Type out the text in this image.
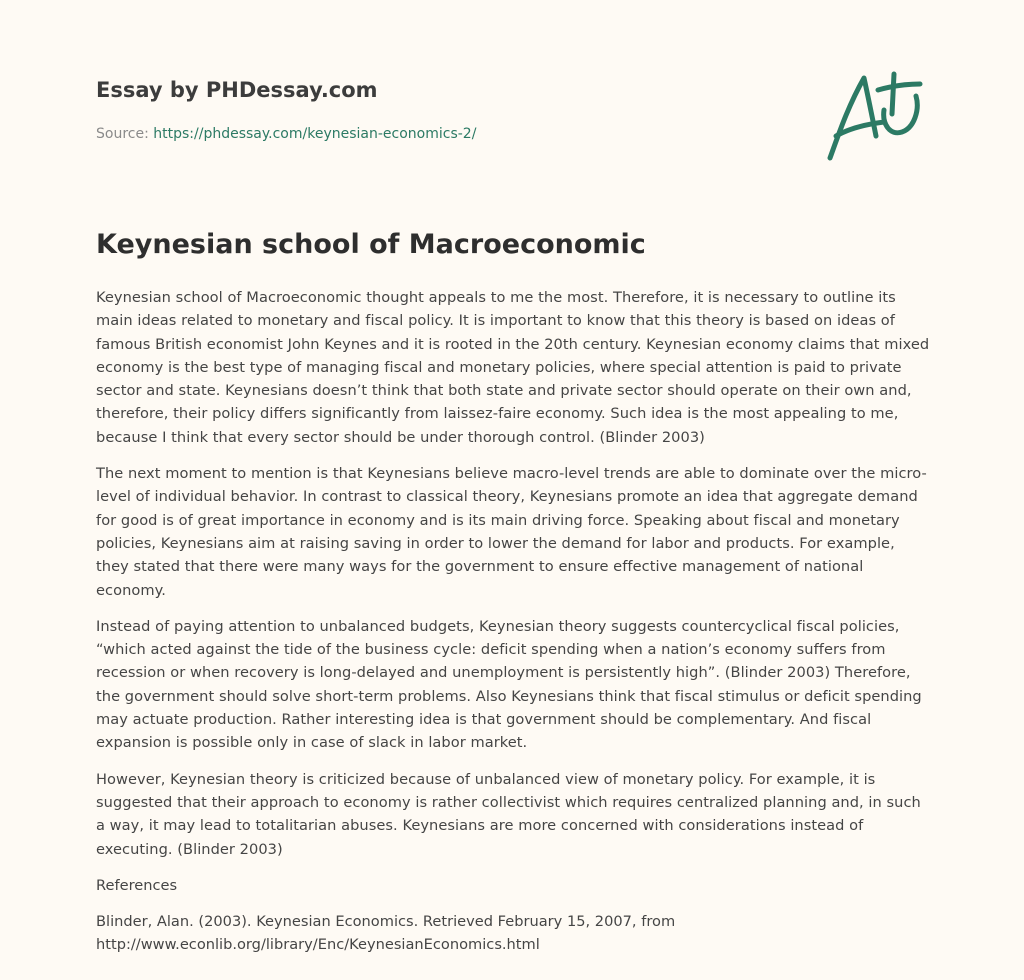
Essay by PHDessay.com
Source: https://phdessay.com/keynesian-economics-2/
Keynesian school of Macroeconomic

Keynesian school of Macroeconomic thought appeals to me the most. Therefore, it is necessary to outline its main ideas related to monetary and fiscal policy. It is important to know that this theory is based on ideas of famous British economist John Keynes and it is rooted in the 20th century. Keynesian economy claims that mixed economy is the best type of managing fiscal and monetary policies, where special attention is paid to private sector and state. Keynesians doesn’t think that both state and private sector should operate on their own and, therefore, their policy differs significantly from laissez-faire economy. Such idea is the most appealing to me, because I think that every sector should be under thorough control. (Blinder 2003)

The next moment to mention is that Keynesians believe macro-level trends are able to dominate over the micro-level of individual behavior. In contrast to classical theory, Keynesians promote an idea that aggregate demand for good is of great importance in economy and is its main driving force. Speaking about fiscal and monetary policies, Keynesians aim at raising saving in order to lower the demand for labor and products. For example, they stated that there were many ways for the government to ensure effective management of national economy.

Instead of paying attention to unbalanced budgets, Keynesian theory suggests countercyclical fiscal policies, “which acted against the tide of the business cycle: deficit spending when a nation’s economy suffers from recession or when recovery is long-delayed and unemployment is persistently high”. (Blinder 2003) Therefore, the government should solve short-term problems. Also Keynesians think that fiscal stimulus or deficit spending may actuate production. Rather interesting idea is that government should be complementary. And fiscal expansion is possible only in case of slack in labor market.

However, Keynesian theory is criticized because of unbalanced view of monetary policy. For example, it is suggested that their approach to economy is rather collectivist which requires centralized planning and, in such a way, it may lead to totalitarian abuses. Keynesians are more concerned with considerations instead of executing. (Blinder 2003)

References

Blinder, Alan. (2003). Keynesian Economics. Retrieved February 15, 2007, from

http://www.econlib.org/library/Enc/KeynesianEconomics.html
